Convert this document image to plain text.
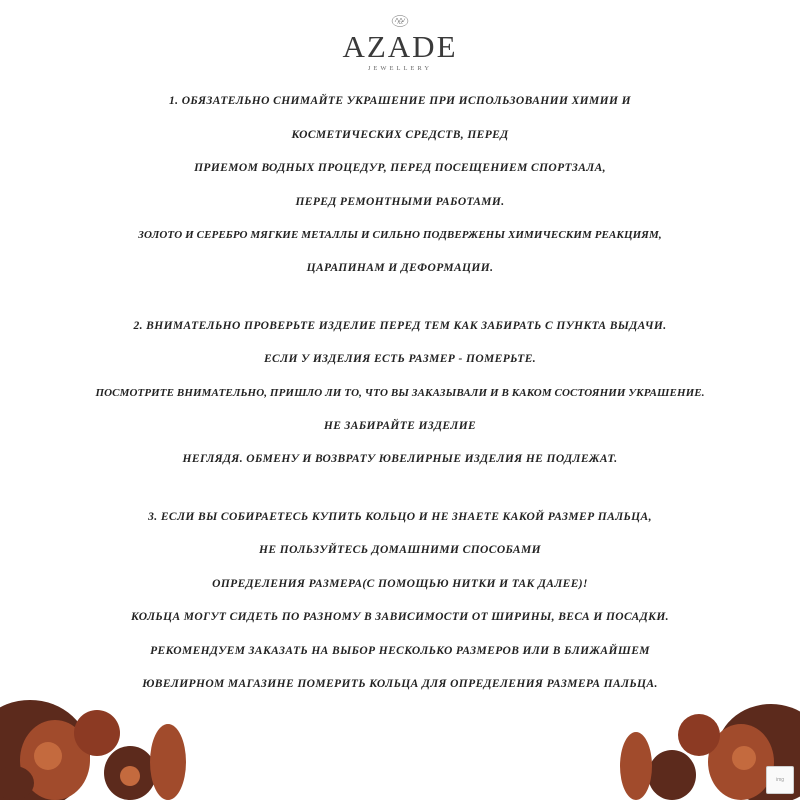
AZ
AZADE
JEWELLERY
1. ОБЯЗАТЕЛЬНО СНИМАЙТЕ УКРАШЕНИЕ ПРИ ИСПОЛЬЗОВАНИИ ХИМИИ И
КОСМЕТИЧЕСКИХ СРЕДСТВ, ПЕРЕД
ПРИЕМОМ ВОДНЫХ ПРОЦЕДУР, ПЕРЕД ПОСЕЩЕНИЕМ СПОРТЗАЛА,
ПЕРЕД РЕМОНТНЫМИ РАБОТАМИ.
ЗОЛОТО И СЕРЕБРО МЯГКИЕ МЕТАЛЛЫ И СИЛЬНО ПОДВЕРЖЕНЫ ХИМИЧЕСКИМ РЕАКЦИЯМ,
ЦАРАПИНАМ И ДЕФОРМАЦИИ.
2. ВНИМАТЕЛЬНО ПРОВЕРЬТЕ ИЗДЕЛИЕ ПЕРЕД ТЕМ КАК ЗАБИРАТЬ С ПУНКТА ВЫДАЧИ.
ЕСЛИ У ИЗДЕЛИЯ ЕСТЬ РАЗМЕР - ПОМЕРЬТЕ.
ПОСМОТРИТЕ ВНИМАТЕЛЬНО, ПРИШЛО ЛИ ТО, ЧТО ВЫ ЗАКАЗЫВАЛИ И В КАКОМ СОСТОЯНИИ УКРАШЕНИЕ.
НЕ ЗАБИРАЙТЕ ИЗДЕЛИЕ
НЕГЛЯДЯ. ОБМЕНУ И ВОЗВРАТУ ЮВЕЛИРНЫЕ ИЗДЕЛИЯ НЕ ПОДЛЕЖАТ.
3. ЕСЛИ ВЫ СОБИРАЕТЕСЬ КУПИТЬ КОЛЬЦО И НЕ ЗНАЕТЕ КАКОЙ РАЗМЕР ПАЛЬЦА,
НЕ ПОЛЬЗУЙТЕСЬ ДОМАШНИМИ СПОСОБАМИ
ОПРЕДЕЛЕНИЯ РАЗМЕРА(С ПОМОЩЬЮ НИТКИ И ТАК ДАЛЕЕ)!
КОЛЬЦА МОГУТ СИДЕТЬ ПО РАЗНОМУ В ЗАВИСИМОСТИ ОТ ШИРИНЫ, ВЕСА И ПОСАДКИ.
РЕКОМЕНДУЕМ ЗАКАЗАТЬ НА ВЫБОР НЕСКОЛЬКО РАЗМЕРОВ ИЛИ В БЛИЖАЙШЕМ
ЮВЕЛИРНОМ МАГАЗИНЕ ПОМЕРИТЬ КОЛЬЦА ДЛЯ ОПРЕДЕЛЕНИЯ РАЗМЕРА ПАЛЬЦА.
img
